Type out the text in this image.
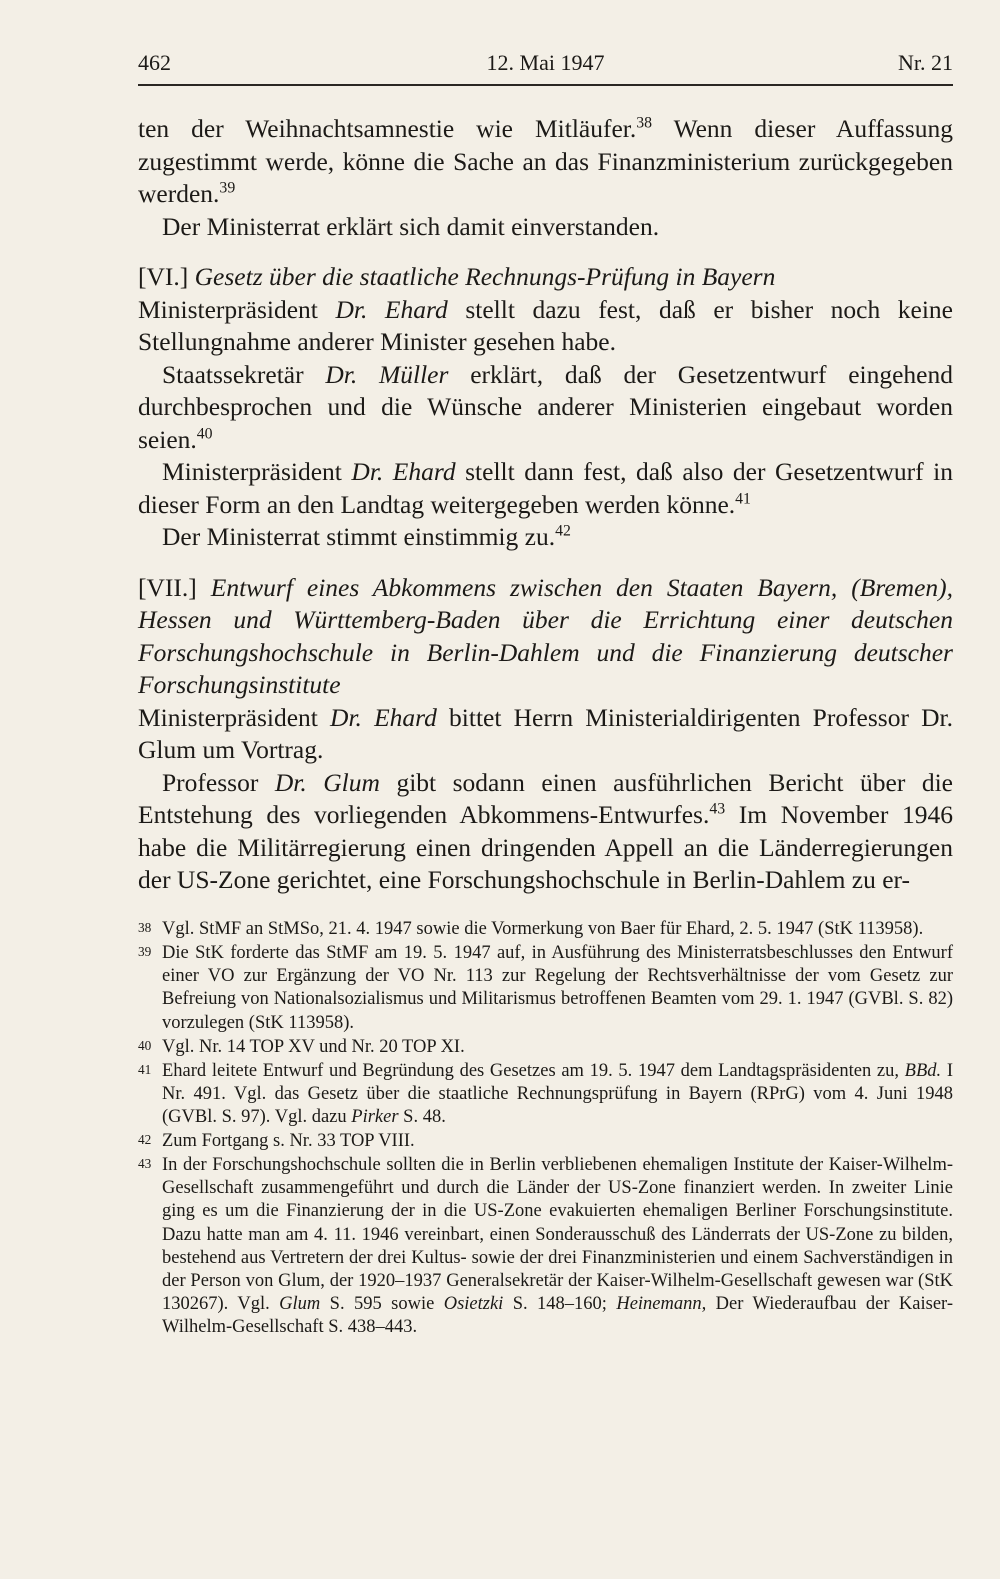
462	12. Mai 1947	Nr. 21

ten der Weihnachtsamnestie wie Mitläufer.$^{38}$ Wenn dieser Auffassung zugestimmt werde, könne die Sache an das Finanzministerium zurückgegeben werden.$^{39}$

Der Ministerrat erklärt sich damit einverstanden.

[VI.] Gesetz über die staatliche Rechnungs-Prüfung in Bayern

Ministerpräsident Dr. Ehard stellt dazu fest, daß er bisher noch keine Stellungnahme anderer Minister gesehen habe.

Staatssekretär Dr. Müller erklärt, daß der Gesetzentwurf eingehend durchbesprochen und die Wünsche anderer Ministerien eingebaut worden seien.$^{40}$

Ministerpräsident Dr. Ehard stellt dann fest, daß also der Gesetzentwurf in dieser Form an den Landtag weitergegeben werden könne.$^{41}$

Der Ministerrat stimmt einstimmig zu.$^{42}$

[VII.] Entwurf eines Abkommens zwischen den Staaten Bayern, (Bremen), Hessen und Württemberg-Baden über die Errichtung einer deutschen Forschungshochschule in Berlin-Dahlem und die Finanzierung deutscher Forschungsinstitute

Ministerpräsident Dr. Ehard bittet Herrn Ministerialdirigenten Professor Dr. Glum um Vortrag.

Professor Dr. Glum gibt sodann einen ausführlichen Bericht über die Entstehung des vorliegenden Abkommens-Entwurfes.$^{43}$ Im November 1946 habe die Militärregierung einen dringenden Appell an die Länderregierungen der US-Zone gerichtet, eine Forschungshochschule in Berlin-Dahlem zu er-

38 Vgl. StMF an StMSo, 21. 4. 1947 sowie die Vormerkung von Baer für Ehard, 2. 5. 1947 (StK 113958).
39 Die StK forderte das StMF am 19. 5. 1947 auf, in Ausführung des Ministerratsbeschlusses den Entwurf einer VO zur Ergänzung der VO Nr. 113 zur Regelung der Rechtsverhältnisse der vom Gesetz zur Befreiung von Nationalsozialismus und Militarismus betroffenen Beamten vom 29. 1. 1947 (GVBl. S. 82) vorzulegen (StK 113958).
40 Vgl. Nr. 14 TOP XV und Nr. 20 TOP XI.
41 Ehard leitete Entwurf und Begründung des Gesetzes am 19. 5. 1947 dem Landtagspräsidenten zu, BBd. I Nr. 491. Vgl. das Gesetz über die staatliche Rechnungsprüfung in Bayern (RPrG) vom 4. Juni 1948 (GVBl. S. 97). Vgl. dazu Pirker S. 48.
42 Zum Fortgang s. Nr. 33 TOP VIII.
43 In der Forschungshochschule sollten die in Berlin verbliebenen ehemaligen Institute der Kaiser-Wilhelm-Gesellschaft zusammengeführt und durch die Länder der US-Zone finanziert werden. In zweiter Linie ging es um die Finanzierung der in die US-Zone evakuierten ehemaligen Berliner Forschungsinstitute. Dazu hatte man am 4. 11. 1946 vereinbart, einen Sonderausschuß des Länderrats der US-Zone zu bilden, bestehend aus Vertretern der drei Kultus- sowie der drei Finanzministerien und einem Sachverständigen in der Person von Glum, der 1920–1937 Generalsekretär der Kaiser-Wilhelm-Gesellschaft gewesen war (StK 130267). Vgl. Glum S. 595 sowie Osietzki S. 148–160; Heinemann, Der Wiederaufbau der Kaiser-Wilhelm-Gesellschaft S. 438–443.
